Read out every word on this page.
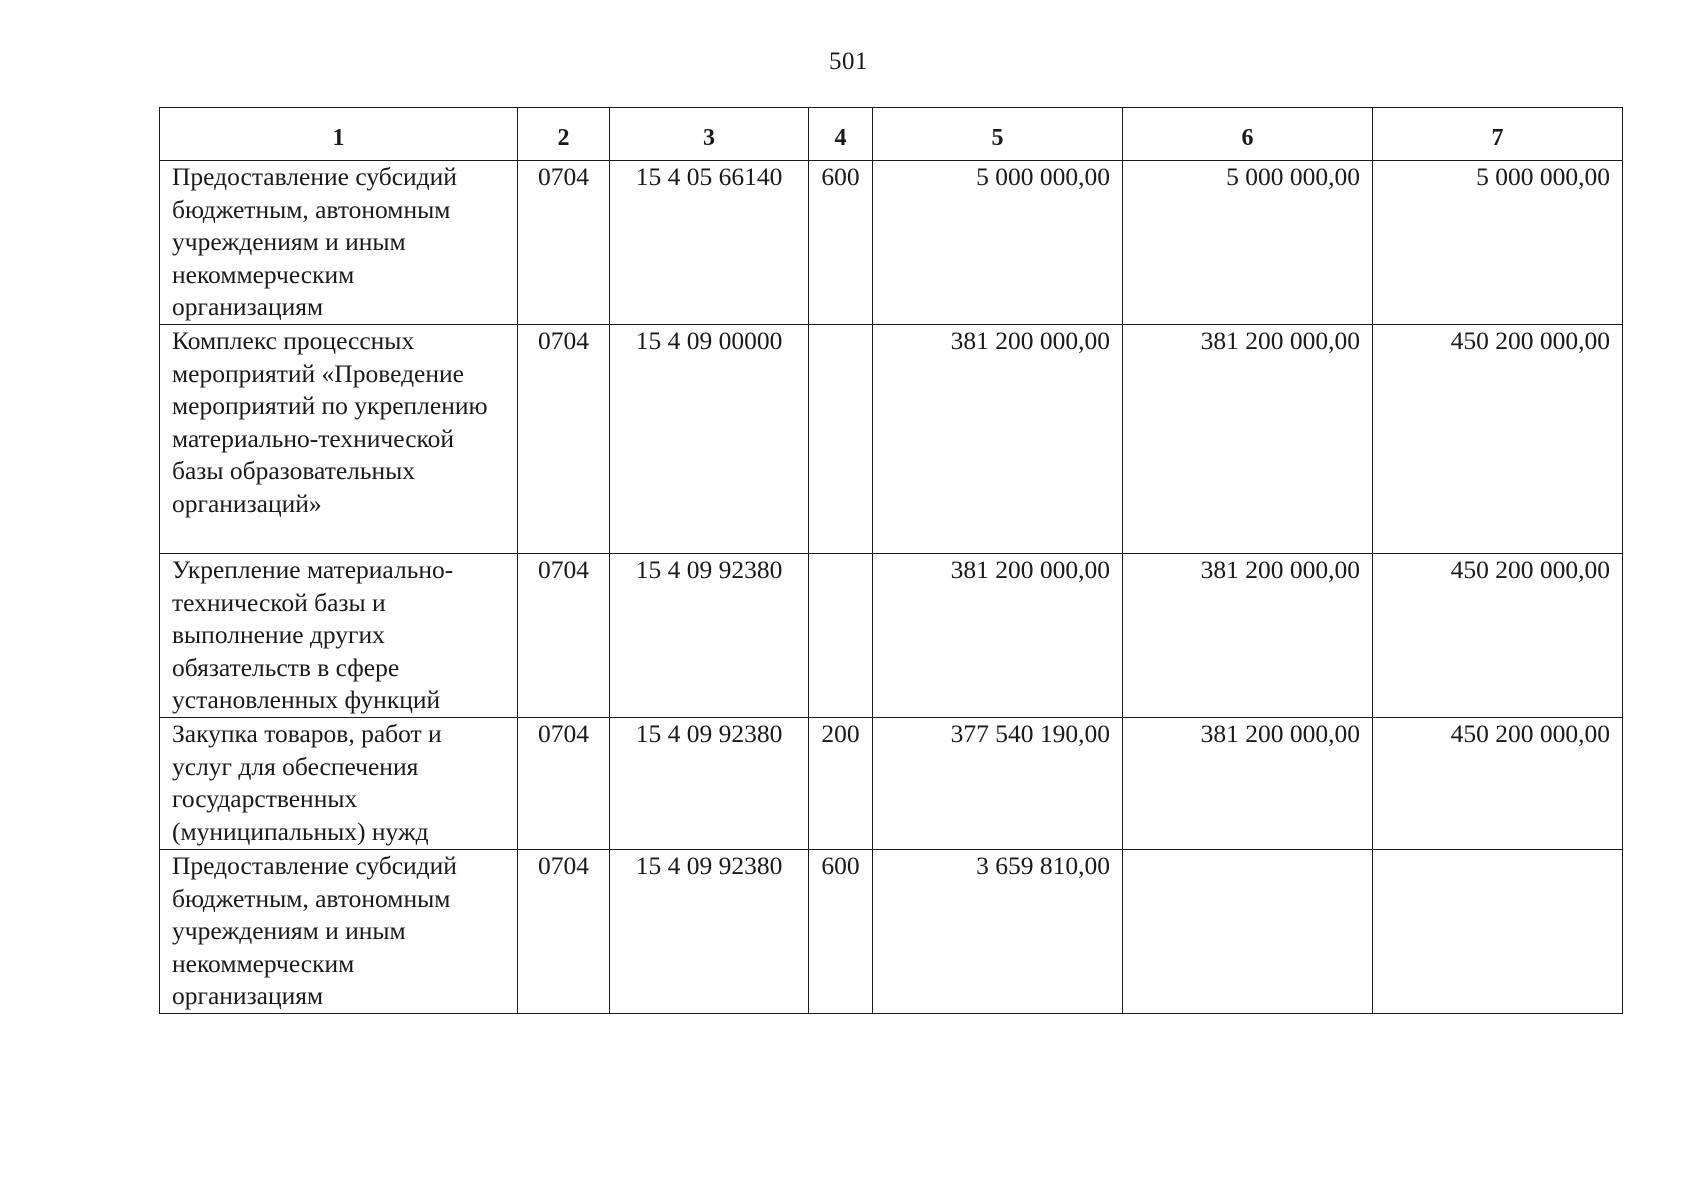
501
1	2	3	4	5	6	7
Предоставление субсидий бюджетным, автономным учреждениям и иным некоммерческим организациям	0704	15 4 05 66140	600	5 000 000,00	5 000 000,00	5 000 000,00
Комплекс процессных мероприятий «Проведение мероприятий по укреплению материально-технической базы образовательных организаций»	0704	15 4 09 00000		381 200 000,00	381 200 000,00	450 200 000,00
Укрепление материально-технической базы и выполнение других обязательств в сфере установленных функций	0704	15 4 09 92380		381 200 000,00	381 200 000,00	450 200 000,00
Закупка товаров, работ и услуг для обеспечения государственных (муниципальных) нужд	0704	15 4 09 92380	200	377 540 190,00	381 200 000,00	450 200 000,00
Предоставление субсидий бюджетным, автономным учреждениям и иным некоммерческим организациям	0704	15 4 09 92380	600	3 659 810,00		
